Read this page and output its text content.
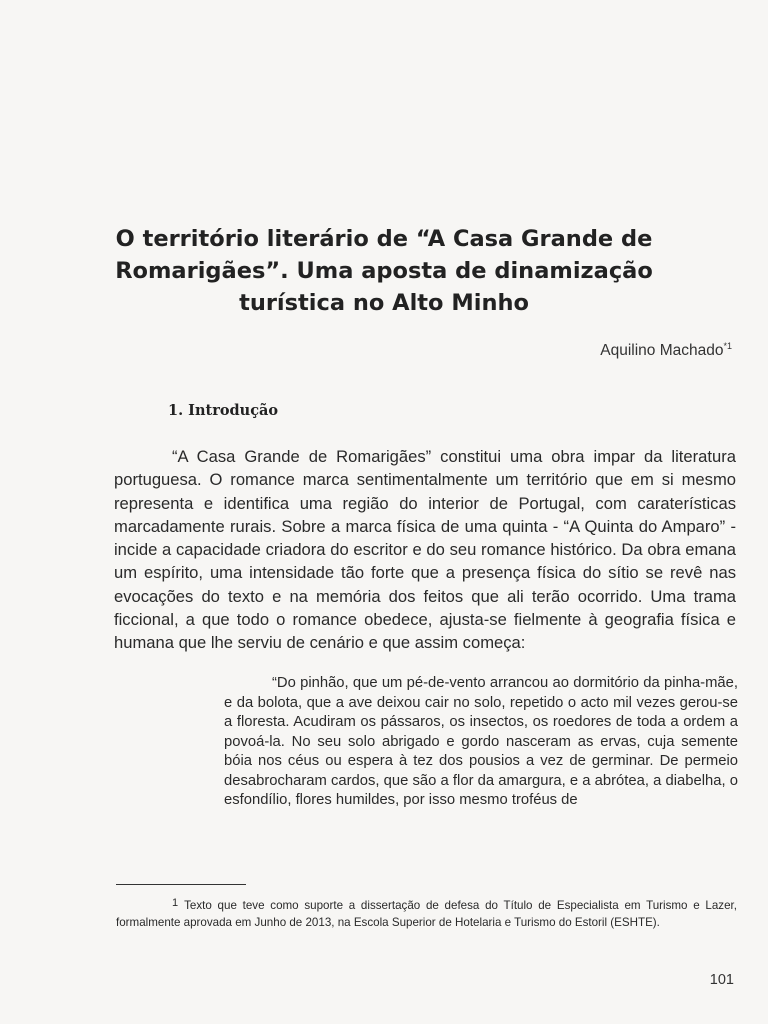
O território literário de “A Casa Grande de
Romarigães”. Uma aposta de dinamização
turística no Alto Minho
Aquilino Machado$^{*1}$
1. Introdução

“A Casa Grande de Romarigães” constitui uma obra impar da literatura portuguesa. O romance marca sentimentalmente um território que em si mesmo representa e identifica uma região do interior de Portugal, com caraterísticas marcadamente rurais. Sobre a marca física de uma quinta - “A Quinta do Amparo” - incide a capacidade criadora do escritor e do seu romance histórico. Da obra emana um espírito, uma intensidade tão forte que a presença física do sítio se revê nas evocações do texto e na memória dos feitos que ali terão ocorrido. Uma trama ficcional, a que todo o romance obedece, ajusta-se fielmente à geografia física e humana que lhe serviu de cenário e que assim começa:

“Do pinhão, que um pé-de-vento arrancou ao dormitório da pinha-mãe, e da bolota, que a ave deixou cair no solo, repetido o acto mil vezes gerou-se a floresta. Acudiram os pássaros, os insectos, os roedores de toda a ordem a povoá-la. No seu solo abrigado e gordo nasceram as ervas, cuja semente bóia nos céus ou espera à tez dos pousios a vez de germinar. De permeio desabrocharam cardos, que são a flor da amargura, e a abrótea, a diabelha, o esfondílio, flores humildes, por isso mesmo troféus de

1 Texto que teve como suporte a dissertação de defesa do Título de Especialista em Turismo e Lazer, formalmente aprovada em Junho de 2013, na Escola Superior de Hotelaria e Turismo do Estoril (ESHTE).

101
